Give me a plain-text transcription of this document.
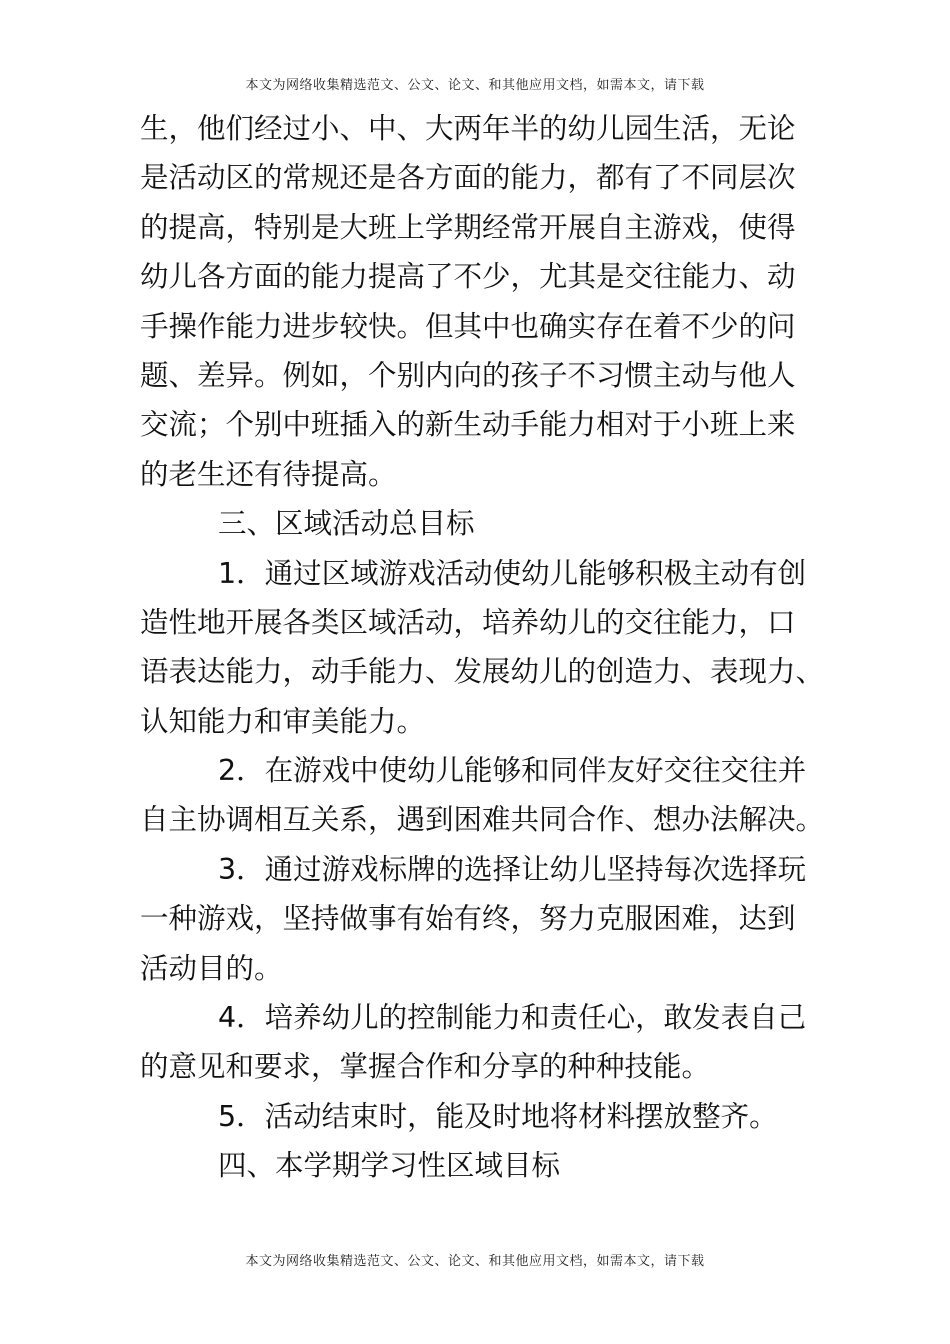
本文为网络收集精选范文、公文、论文、和其他应用文档，如需本文，请下载
生，他们经过小、中、大两年半的幼儿园生活，无论
是活动区的常规还是各方面的能力，都有了不同层次
的提高，特别是大班上学期经常开展自主游戏，使得
幼儿各方面的能力提高了不少，尤其是交往能力、动
手操作能力进步较快。但其中也确实存在着不少的问
题、差异。例如，个别内向的孩子不习惯主动与他人
交流；个别中班插入的新生动手能力相对于小班上来
的老生还有待提高。
三、区域活动总目标
1．通过区域游戏活动使幼儿能够积极主动有创
造性地开展各类区域活动，培养幼儿的交往能力，口
语表达能力，动手能力、发展幼儿的创造力、表现力、
认知能力和审美能力。
2．在游戏中使幼儿能够和同伴友好交往交往并
自主协调相互关系，遇到困难共同合作、想办法解决。
3．通过游戏标牌的选择让幼儿坚持每次选择玩
一种游戏，坚持做事有始有终，努力克服困难，达到
活动目的。
4．培养幼儿的控制能力和责任心，敢发表自己
的意见和要求，掌握合作和分享的种种技能。
5．活动结束时，能及时地将材料摆放整齐。
四、本学期学习性区域目标
本文为网络收集精选范文、公文、论文、和其他应用文档，如需本文，请下载
